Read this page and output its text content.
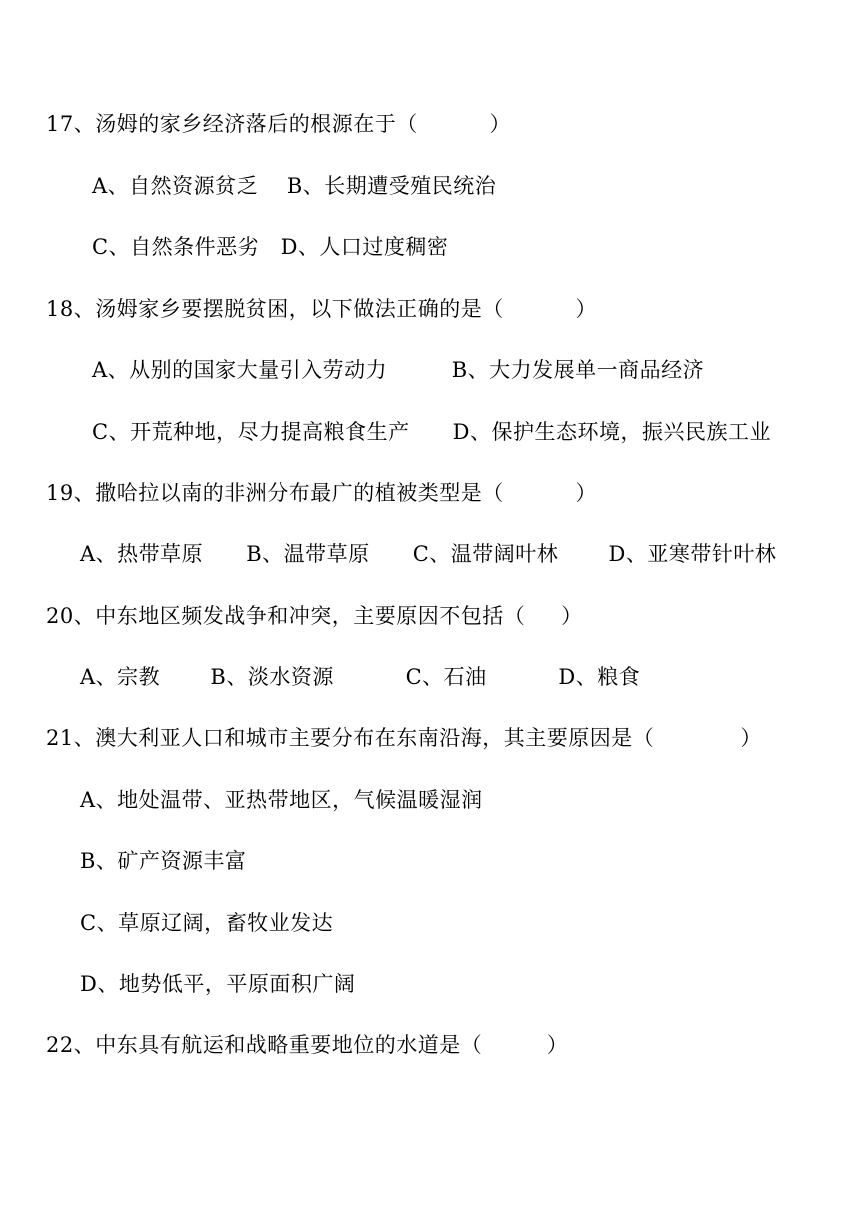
17、汤姆的家乡经济落后的根源在于（          ）
A、自然资源贫乏    B、长期遭受殖民统治
C、自然条件恶劣   D、人口过度稠密
18、汤姆家乡要摆脱贫困，以下做法正确的是（          ）
A、从别的国家大量引入劳动力         B、大力发展单一商品经济
C、开荒种地，尽力提高粮食生产      D、保护生态环境，振兴民族工业
19、撒哈拉以南的非洲分布最广的植被类型是（          ）
A、热带草原      B、温带草原      C、温带阔叶林       D、亚寒带针叶林
20、中东地区频发战争和冲突，主要原因不包括（     ）
A、宗教       B、淡水资源          C、石油          D、粮食
21、澳大利亚人口和城市主要分布在东南沿海，其主要原因是（            ）
A、地处温带、亚热带地区，气候温暖湿润
B、矿产资源丰富
C、草原辽阔，畜牧业发达
D、地势低平，平原面积广阔
22、中东具有航运和战略重要地位的水道是（         ）
